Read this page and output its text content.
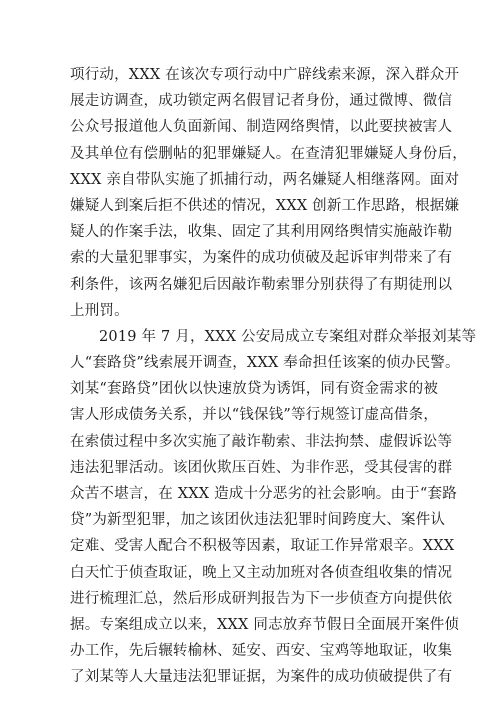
项行动，XXX 在该次专项行动中广辟线索来源，深入群众开
展走访调查，成功锁定两名假冒记者身份，通过微博、微信
公众号报道他人负面新闻、制造网络舆情，以此要挟被害人
及其单位有偿删帖的犯罪嫌疑人。在查清犯罪嫌疑人身份后，
XXX 亲自带队实施了抓捕行动，两名嫌疑人相继落网。面对
嫌疑人到案后拒不供述的情况，XXX 创新工作思路，根据嫌
疑人的作案手法，收集、固定了其利用网络舆情实施敲诈勒
索的大量犯罪事实，为案件的成功侦破及起诉审判带来了有
利条件，该两名嫌犯后因敲诈勒索罪分别获得了有期徒刑以
上刑罚。
2019 年 7 月，XXX 公安局成立专案组对群众举报刘某等
人“套路贷”线索展开调查，XXX 奉命担任该案的侦办民警。
刘某“套路贷”团伙以快速放贷为诱饵，同有资金需求的被
害人形成债务关系，并以“钱保钱”等行规签订虚高借条，
在索债过程中多次实施了敲诈勒索、非法拘禁、虚假诉讼等
违法犯罪活动。该团伙欺压百姓、为非作恶，受其侵害的群
众苦不堪言，在 XXX 造成十分恶劣的社会影响。由于“套路
贷”为新型犯罪，加之该团伙违法犯罪时间跨度大、案件认
定难、受害人配合不积极等因素，取证工作异常艰辛。XXX
白天忙于侦查取证，晚上又主动加班对各侦查组收集的情况
进行梳理汇总，然后形成研判报告为下一步侦查方向提供依
据。专案组成立以来，XXX 同志放弃节假日全面展开案件侦
办工作，先后辗转榆林、延安、西安、宝鸡等地取证，收集
了刘某等人大量违法犯罪证据，为案件的成功侦破提供了有
